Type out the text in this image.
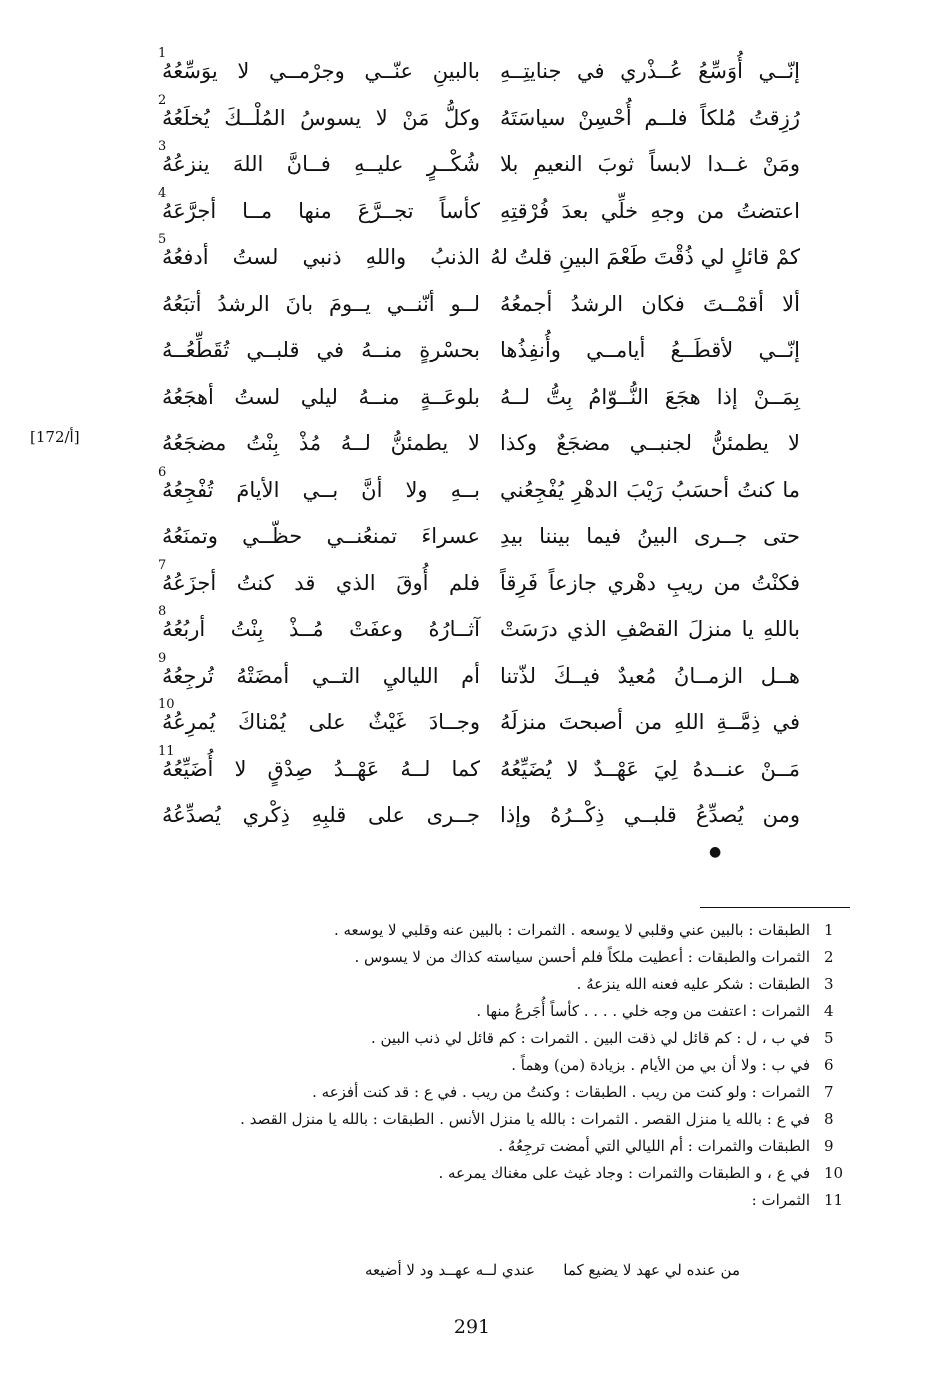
[172/أ]
إنّــي أُوَسِّعُ عُــذْري في جنايتِــهِ
بالبينِ عنّــي وجرْمــي لا يوَسِّعُهُ
1
رُزِقتُ مُلكاً فلــم أُحْسِنْ سياسَتَهُ
وكلُّ مَنْ لا يسوسُ المُلْــكَ يُخلَعُهُ
2
ومَنْ غــدا لابساً ثوبَ النعيمِ بلا
شُكْــرٍ عليــهِ فــانَّ اللهَ ينزعُهُ
3
اعتضتُ من وجهِ خلِّي بعدَ فُرْقتِهِ
كأساً تجــرَّعَ منها مــا أجرَّعَهُ
4
كمْ قائلٍ لي ذُقْتَ طَعْمَ البينِ قلتُ لهُ
الذنبُ واللهِ ذنبي لستُ أدفعُهُ
5
ألا أقمْــتَ فكان الرشدُ أجمعُهُ
لــو أنّنــي يــومَ بانَ الرشدُ أتبَعُهُ
إنّــي لأقطَــعُ أيامــي وأُنفِذُها
بحسْرةٍ منــهُ في قلبــي تُقَطِّعُــهُ
بِمَــنْ إذا هجَعَ النُّــوّامُ بِتُّ لــهُ
بلوعَــةٍ منــهُ ليلي لستُ أهجَعُهُ
لا يطمئنُّ لجنبــي مضجَعٌ وكذا
لا يطمئنُّ لــهُ مُذْ بِنْتُ مضجَعُهُ
ما كنتُ أحسَبُ رَيْبَ الدهْرِ يُفْجِعُني
بــهِ ولا أنَّ بــي الأيامَ تُفْجِعُهُ
6
حتى جــرى البينُ فيما بيننا بيدِ
عسراءَ تمنعُنــي حظّــي وتمنَعُهُ
فكنْتُ من ريبِ دهْري جازعاً فَرِقاً
فلم أُوقَ الذي قد كنتُ أجزَعُهُ
7
باللهِ يا منزلَ القصْفِ الذي درَسَتْ
آثــارُهُ وعفَتْ مُــذْ بِنْتُ أربُعُهُ
8
هــل الزمــانُ مُعيدٌ فيــكَ لذّتنا
أم اللياليِ التــي أمضَتْهُ تُرجِعُهُ
9
في ذِمَّــةِ اللهِ من أصبحتَ منزلَهُ
وجــادَ غَيْثٌ على يُمْناكَ يُمرِعُهُ
10
مَــنْ عنــدهُ لِيَ عَهْــدٌ لا يُضَيِّعُهُ
كما لــهُ عَهْــدُ صِدْقٍ لا أُضَيِّعُهُ
11
ومن يُصدِّعُ قلبــي ذِكْــرُهُ وإذا
جــرى على قلبِهِ ذِكْري يُصدِّعُهُ
●
1
الطبقات : بالبين عني وقلبي لا يوسعه . الثمرات : بالبين عنه وقلبي لا يوسعه .
2
الثمرات والطبقات : أعطيت ملكاً فلم أحسن سياسته كذاك من لا يسوس .
3
الطبقات : شكر عليه فعنه الله ينزعهُ .
4
الثمرات : اعتفت من وجه خلي . . . . كأساً أُجَرعُ منها .
5
في ب ، ل : كم قائل لي ذقت البين . الثمرات : كم قائل لي ذنب البين .
6
في ب : ولا أن بي من الأيام . بزيادة (من) وهماً .
7
الثمرات : ولو كنت من ريب . الطبقات : وكنتُ من ريب . في ع : قد كنت أفزعه .
8
في ع : بالله يا منزل القصر . الثمرات : بالله يا منزل الأنس . الطبقات : بالله يا منزل القصد .
9
الطبقات والثمرات : أم الليالي التي أمضت ترجِعُهُ .
10
في ع ، و الطبقات والثمرات : وجاد غيث على مغناك يمرعه .
11
الثمرات :
من عنده لي عهد لا يضيع كما
عندي لــه عهــد ود لا أضيعه
291
